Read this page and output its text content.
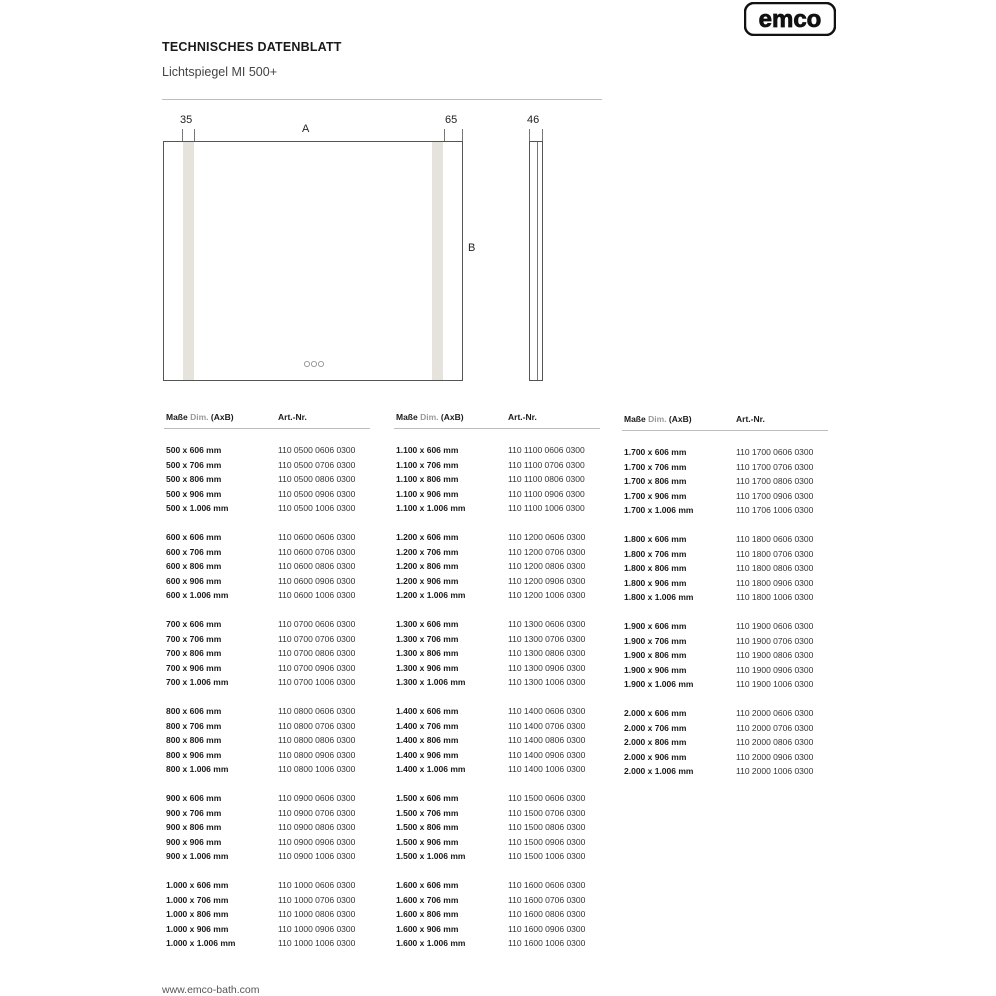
emco
TECHNISCHES DATENBLATT
Lichtspiegel MI 500+
35
A
65
B
46
Maße Dim. (AxB)	Art.-Nr.
500 x 606 mm	110 0500 0606 0300
500 x 706 mm	110 0500 0706 0300
500 x 806 mm	110 0500 0806 0300
500 x 906 mm	110 0500 0906 0300
500 x 1.006 mm	110 0500 1006 0300
600 x 606 mm	110 0600 0606 0300
600 x 706 mm	110 0600 0706 0300
600 x 806 mm	110 0600 0806 0300
600 x 906 mm	110 0600 0906 0300
600 x 1.006 mm	110 0600 1006 0300
700 x 606 mm	110 0700 0606 0300
700 x 706 mm	110 0700 0706 0300
700 x 806 mm	110 0700 0806 0300
700 x 906 mm	110 0700 0906 0300
700 x 1.006 mm	110 0700 1006 0300
800 x 606 mm	110 0800 0606 0300
800 x 706 mm	110 0800 0706 0300
800 x 806 mm	110 0800 0806 0300
800 x 906 mm	110 0800 0906 0300
800 x 1.006 mm	110 0800 1006 0300
900 x 606 mm	110 0900 0606 0300
900 x 706 mm	110 0900 0706 0300
900 x 806 mm	110 0900 0806 0300
900 x 906 mm	110 0900 0906 0300
900 x 1.006 mm	110 0900 1006 0300
1.000 x 606 mm	110 1000 0606 0300
1.000 x 706 mm	110 1000 0706 0300
1.000 x 806 mm	110 1000 0806 0300
1.000 x 906 mm	110 1000 0906 0300
1.000 x 1.006 mm	110 1000 1006 0300
Maße Dim. (AxB)	Art.-Nr.
1.100 x 606 mm	110 1100 0606 0300
1.100 x 706 mm	110 1100 0706 0300
1.100 x 806 mm	110 1100 0806 0300
1.100 x 906 mm	110 1100 0906 0300
1.100 x 1.006 mm	110 1100 1006 0300
1.200 x 606 mm	110 1200 0606 0300
1.200 x 706 mm	110 1200 0706 0300
1.200 x 806 mm	110 1200 0806 0300
1.200 x 906 mm	110 1200 0906 0300
1.200 x 1.006 mm	110 1200 1006 0300
1.300 x 606 mm	110 1300 0606 0300
1.300 x 706 mm	110 1300 0706 0300
1.300 x 806 mm	110 1300 0806 0300
1.300 x 906 mm	110 1300 0906 0300
1.300 x 1.006 mm	110 1300 1006 0300
1.400 x 606 mm	110 1400 0606 0300
1.400 x 706 mm	110 1400 0706 0300
1.400 x 806 mm	110 1400 0806 0300
1.400 x 906 mm	110 1400 0906 0300
1.400 x 1.006 mm	110 1400 1006 0300
1.500 x 606 mm	110 1500 0606 0300
1.500 x 706 mm	110 1500 0706 0300
1.500 x 806 mm	110 1500 0806 0300
1.500 x 906 mm	110 1500 0906 0300
1.500 x 1.006 mm	110 1500 1006 0300
1.600 x 606 mm	110 1600 0606 0300
1.600 x 706 mm	110 1600 0706 0300
1.600 x 806 mm	110 1600 0806 0300
1.600 x 906 mm	110 1600 0906 0300
1.600 x 1.006 mm	110 1600 1006 0300
Maße Dim. (AxB)	Art.-Nr.
1.700 x 606 mm	110 1700 0606 0300
1.700 x 706 mm	110 1700 0706 0300
1.700 x 806 mm	110 1700 0806 0300
1.700 x 906 mm	110 1700 0906 0300
1.700 x 1.006 mm	110 1706 1006 0300
1.800 x 606 mm	110 1800 0606 0300
1.800 x 706 mm	110 1800 0706 0300
1.800 x 806 mm	110 1800 0806 0300
1.800 x 906 mm	110 1800 0906 0300
1.800 x 1.006 mm	110 1800 1006 0300
1.900 x 606 mm	110 1900 0606 0300
1.900 x 706 mm	110 1900 0706 0300
1.900 x 806 mm	110 1900 0806 0300
1.900 x 906 mm	110 1900 0906 0300
1.900 x 1.006 mm	110 1900 1006 0300
2.000 x 606 mm	110 2000 0606 0300
2.000 x 706 mm	110 2000 0706 0300
2.000 x 806 mm	110 2000 0806 0300
2.000 x 906 mm	110 2000 0906 0300
2.000 x 1.006 mm	110 2000 1006 0300
www.emco-bath.com
